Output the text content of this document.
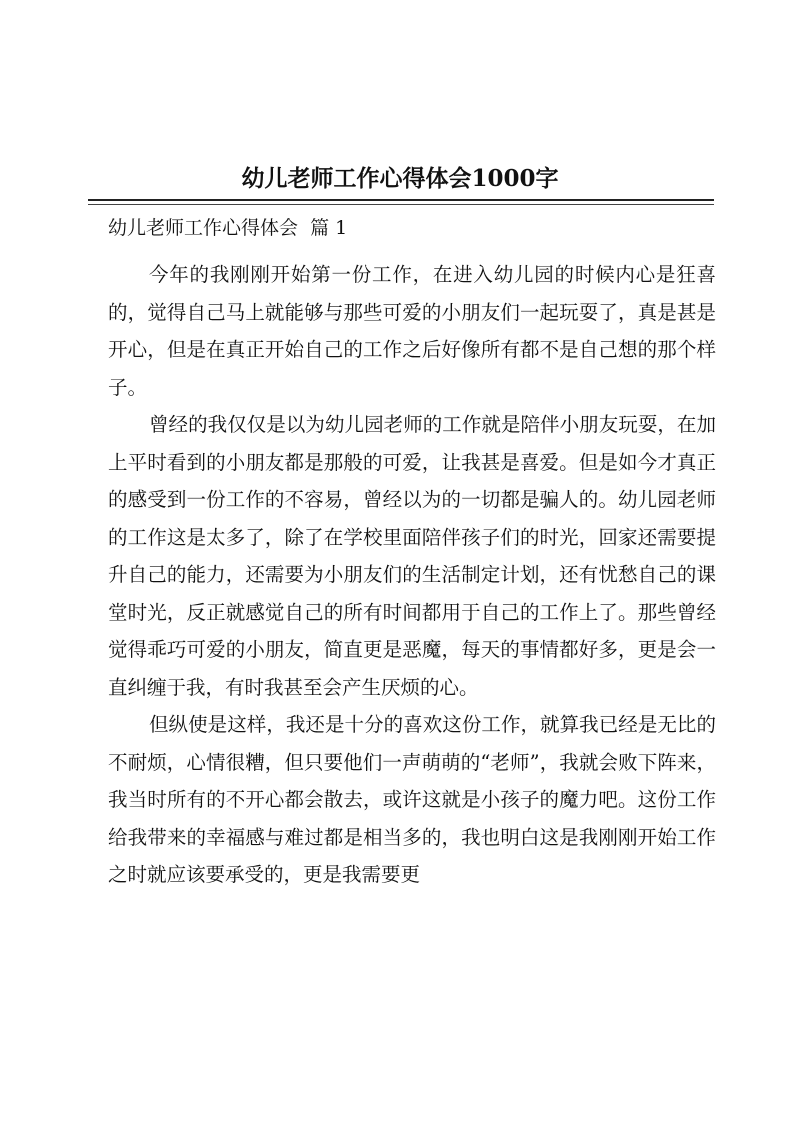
幼儿老师工作心得体会1000字

幼儿老师工作心得体会  篇 1

今年的我刚刚开始第一份工作，在进入幼儿园的时候内心是狂喜的，觉得自己马上就能够与那些可爱的小朋友们一起玩耍了，真是甚是开心，但是在真正开始自己的工作之后好像所有都不是自己想的那个样子。

曾经的我仅仅是以为幼儿园老师的工作就是陪伴小朋友玩耍，在加上平时看到的小朋友都是那般的可爱，让我甚是喜爱。但是如今才真正的感受到一份工作的不容易，曾经以为的一切都是骗人的。幼儿园老师的工作这是太多了，除了在学校里面陪伴孩子们的时光，回家还需要提升自己的能力，还需要为小朋友们的生活制定计划，还有忧愁自己的课堂时光，反正就感觉自己的所有时间都用于自己的工作上了。那些曾经觉得乖巧可爱的小朋友，简直更是恶魔，每天的事情都好多，更是会一直纠缠于我，有时我甚至会产生厌烦的心。

但纵使是这样，我还是十分的喜欢这份工作，就算我已经是无比的不耐烦，心情很糟，但只要他们一声萌萌的“老师”，我就会败下阵来，我当时所有的不开心都会散去，或许这就是小孩子的魔力吧。这份工作给我带来的幸福感与难过都是相当多的，我也明白这是我刚刚开始工作之时就应该要承受的，更是我需要更
